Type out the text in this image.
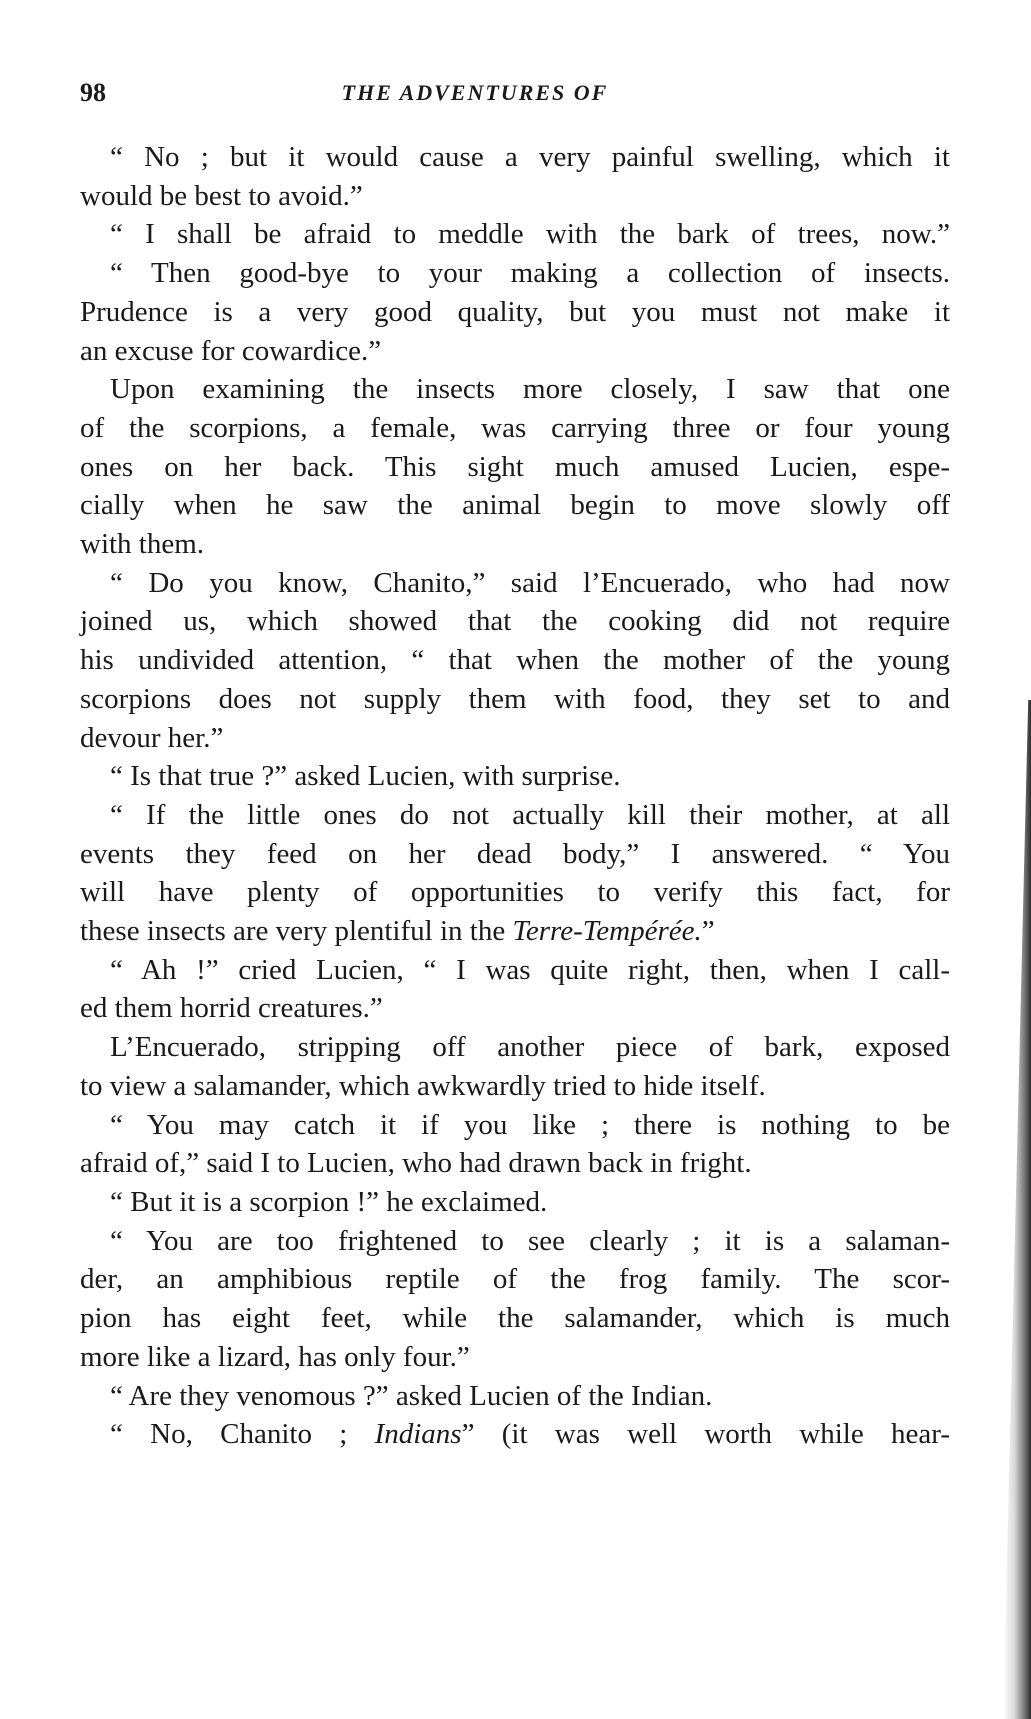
98	THE ADVENTURES OF
“ No ; but it would cause a very painful swelling, which it
would be best to avoid.”
“ I shall be afraid to meddle with the bark of trees, now.”
“ Then good-bye to your making a collection of insects.
Prudence is a very good quality, but you must not make it
an excuse for cowardice.”
Upon examining the insects more closely, I saw that one
of the scorpions, a female, was carrying three or four young
ones on her back. This sight much amused Lucien, espe-
cially when he saw the animal begin to move slowly off
with them.
“ Do you know, Chanito,” said l’Encuerado, who had now
joined us, which showed that the cooking did not require
his undivided attention, “ that when the mother of the young
scorpions does not supply them with food, they set to and
devour her.”
“ Is that true ?” asked Lucien, with surprise.
“ If the little ones do not actually kill their mother, at all
events they feed on her dead body,” I answered. “ You
will have plenty of opportunities to verify this fact, for
these insects are very plentiful in the Terre-Tempérée.”
“ Ah !” cried Lucien, “ I was quite right, then, when I call-
ed them horrid creatures.”
L’Encuerado, stripping off another piece of bark, exposed
to view a salamander, which awkwardly tried to hide itself.
“ You may catch it if you like ; there is nothing to be
afraid of,” said I to Lucien, who had drawn back in fright.
“ But it is a scorpion !” he exclaimed.
“ You are too frightened to see clearly ; it is a salaman-
der, an amphibious reptile of the frog family. The scor-
pion has eight feet, while the salamander, which is much
more like a lizard, has only four.”
“ Are they venomous ?” asked Lucien of the Indian.
“ No, Chanito ; Indians” (it was well worth while hear-
